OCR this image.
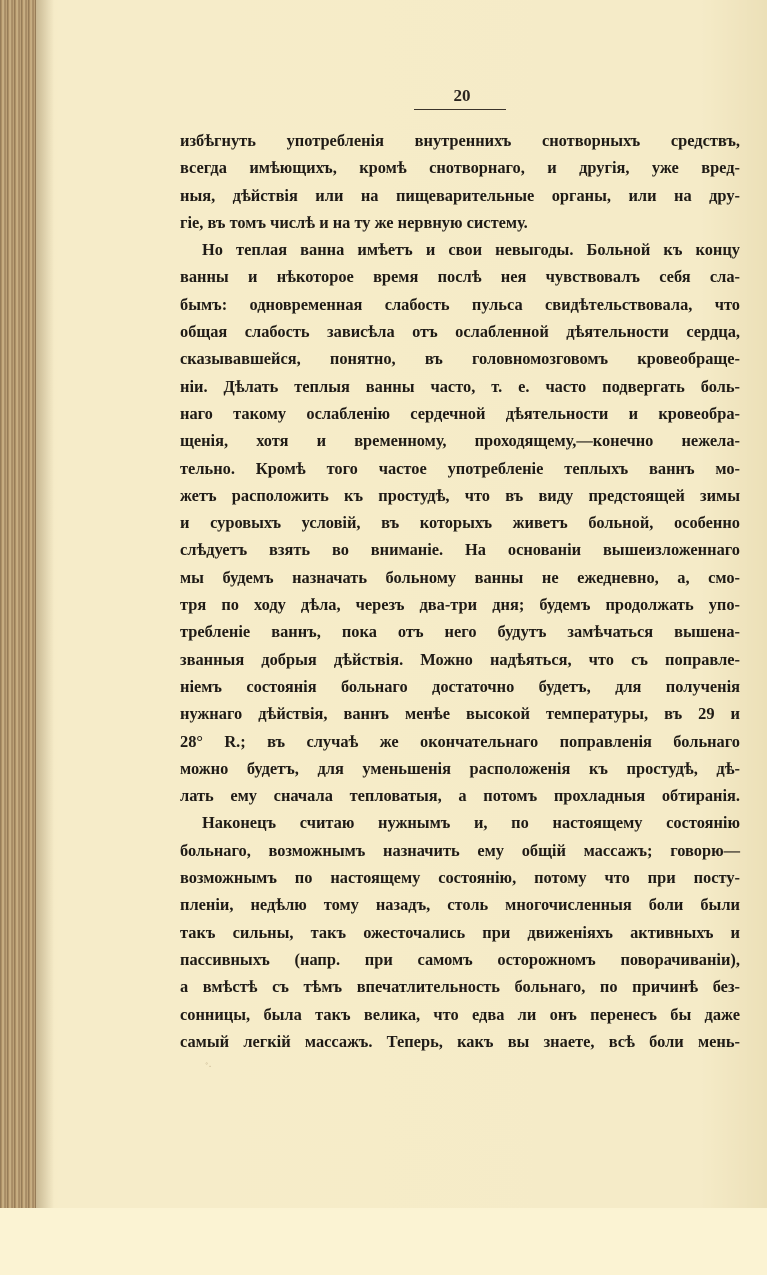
20
избѣгнуть употребленія внутреннихъ снотворныхъ средствъ,
всегда имѣющихъ, кромѣ снотворнаго, и другія, уже вред-
ныя, дѣйствія или на пищеварительные органы, или на дру-
гіе, въ томъ числѣ и на ту же нервную систему.
Но теплая ванна имѣетъ и свои невыгоды. Больной къ концу
ванны и нѣкоторое время послѣ нея чувствовалъ себя сла-
бымъ: одновременная слабость пульса свидѣтельствовала, что
общая слабость зависѣла отъ ослабленной дѣятельности сердца,
сказывавшейся, понятно, въ головномозговомъ кровеобраще-
ніи. Дѣлать теплыя ванны часто, т. е. часто подвергать боль-
наго такому ослабленію сердечной дѣятельности и кровеобра-
щенія, хотя и временному, проходящему,—конечно нежела-
тельно. Кромѣ того частое употребленіе теплыхъ ваннъ мо-
жетъ расположить къ простудѣ, что въ виду предстоящей зимы
и суровыхъ условій, въ которыхъ живетъ больной, особенно
слѣдуетъ взять во вниманіе. На основаніи вышеизложеннаго
мы будемъ назначать больному ванны не ежедневно, а, смо-
тря по ходу дѣла, черезъ два-три дня; будемъ продолжать упо-
требленіе ваннъ, пока отъ него будутъ замѣчаться вышена-
званныя добрыя дѣйствія. Можно надѣяться, что съ поправле-
ніемъ состоянія больнаго достаточно будетъ, для полученія
нужнаго дѣйствія, ваннъ менѣе высокой температуры, въ 29 и
28° R.; въ случаѣ же окончательнаго поправленія больнаго
можно будетъ, для уменьшенія расположенія къ простудѣ, дѣ-
лать ему сначала тепловатыя, а потомъ прохладныя обтиранія.
Наконецъ считаю нужнымъ и, по настоящему состоянію
больнаго, возможнымъ назначить ему общій массажъ; говорю—
возможнымъ по настоящему состоянію, потому что при посту-
пленіи, недѣлю тому назадъ, столь многочисленныя боли были
такъ сильны, такъ ожесточались при движеніяхъ активныхъ и
пассивныхъ (напр. при самомъ осторожномъ поворачиваніи),
а вмѣстѣ съ тѣмъ впечатлительность больнаго, по причинѣ без-
сонницы, была такъ велика, что едва ли онъ перенесъ бы даже
самый легкій массажъ. Теперь, какъ вы знаете, всѣ боли мень-
˚·
